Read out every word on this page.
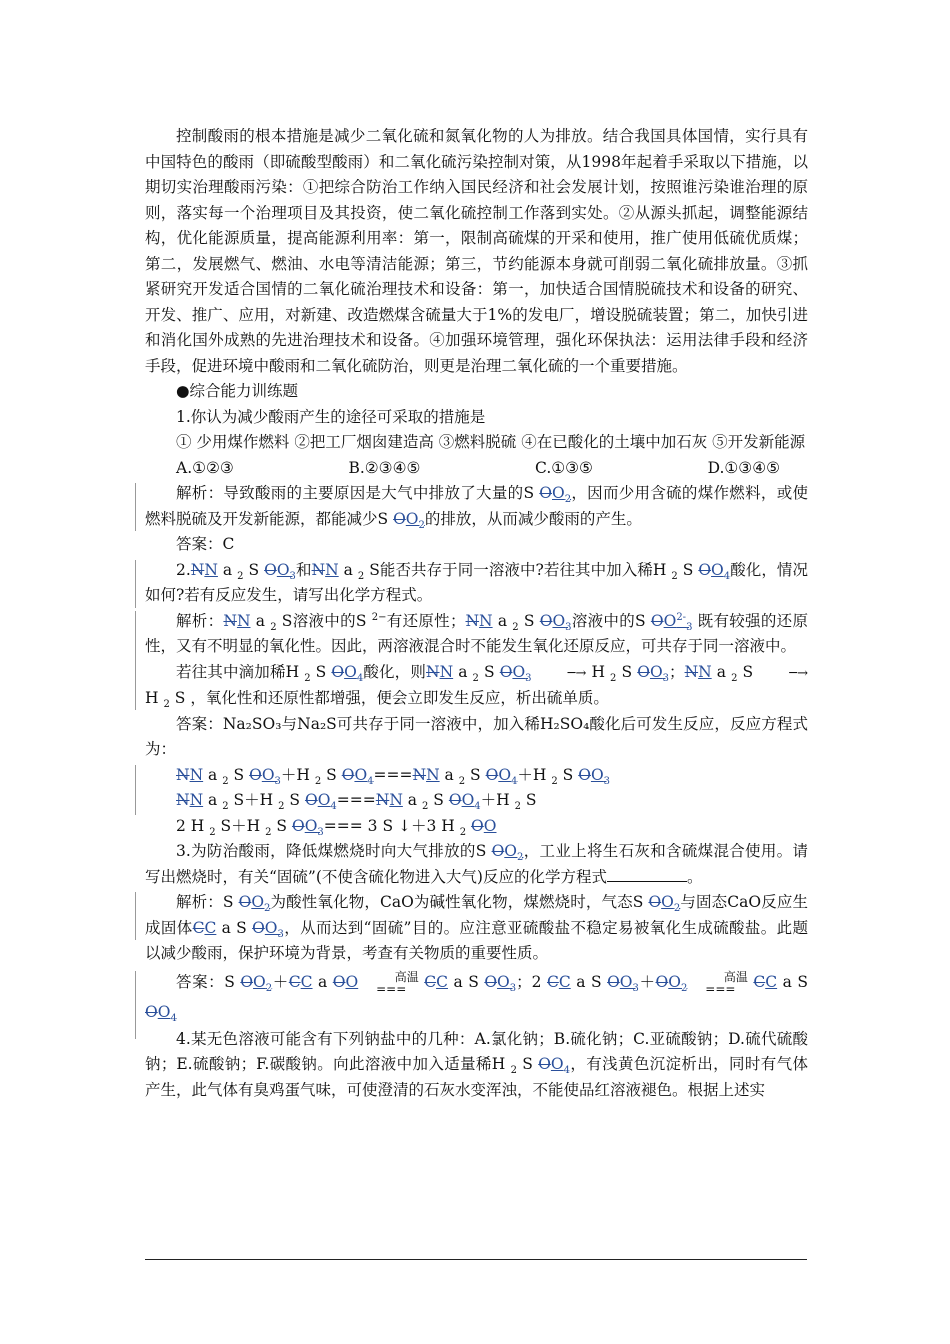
控制酸雨的根本措施是减少二氧化硫和氮氧化物的人为排放。结合我国具体国情，实行具有中国特色的酸雨（即硫酸型酸雨）和二氧化硫污染控制对策，从1998年起着手采取以下措施，以期切实治理酸雨污染：①把综合防治工作纳入国民经济和社会发展计划，按照谁污染谁治理的原则，落实每一个治理项目及其投资，使二氧化硫控制工作落到实处。②从源头抓起，调整能源结构，优化能源质量，提高能源利用率：第一，限制高硫煤的开采和使用，推广使用低硫优质煤；第二，发展燃气、燃油、水电等清洁能源；第三，节约能源本身就可削弱二氧化硫排放量。③抓紧研究开发适合国情的二氧化硫治理技术和设备：第一，加快适合国情脱硫技术和设备的研究、开发、推广、应用，对新建、改造燃煤含硫量大于1%的发电厂，增设脱硫装置；第二，加快引进和消化国外成熟的先进治理技术和设备。④加强环境管理，强化环保执法：运用法律手段和经济手段，促进环境中酸雨和二氧化硫防治，则更是治理二氧化硫的一个重要措施。

●综合能力训练题

1.你认为减少酸雨产生的途径可采取的措施是

① 少用煤作燃料 ②把工厂烟囱建造高 ③燃料脱硫 ④在已酸化的土壤中加石灰 ⑤开发新能源

A.①②③	B.②③④⑤	C.①③⑤	D.①③④⑤

解析：导致酸雨的主要原因是大气中排放了大量的S $OO_2$，因而少用含硫的煤作燃料，或使燃料脱硫及开发新能源，都能减少S $OO_2$的排放，从而减少酸雨的产生。

答案：C

2.NN a $_2$ S $OO_3$和NN a $_2$ S能否共存于同一溶液中?若往其中加入稀H $_2$ S $OO_4$酸化，情况如何?若有反应发生，请写出化学方程式。

解析：NN a $_2$ S溶液中的S $^{2-}$有还原性；NN a $_2$ S $OO_3$溶液中的S $OO^{2-}_3$ 既有较强的还原性，又有不明显的氧化性。因此，两溶液混合时不能发生氧化还原反应，可共存于同一溶液中。

若往其中滴加稀H $_2$ S $OO_4$酸化，则NN a $_2$ S $OO_3$	─→ H $_2$ S $OO_3$；NN a $_2$ S ─→ H $_2$ S ，氧化性和还原性都增强，便会立即发生反应，析出硫单质。

答案：Na₂SO₃与Na₂S可共存于同一溶液中，加入稀H₂SO₄酸化后可发生反应，反应方程式为：

NN a $_2$ S $OO_3+H$ $_2$ S $OO_4===NN$ a $_2$ S $OO_4+H$ $_2$ S $OO_3$
NN a $_2$ S＋H $_2$ S $OO_4===NN$ a $_2$ S $OO_4+H$ $_2$ S
2 H $_2$ S＋H $_2$ S $OO_3=== 3$ S ↓＋3 H $_2$ OO

3.为防治酸雨，降低煤燃烧时向大气排放的S $OO_2$，工业上将生石灰和含硫煤混合使用。请写出燃烧时，有关“固硫”(不使含硫化物进入大气)反应的化学方程式	。

解析：S $OO_2$为酸性氧化物，CaO为碱性氧化物，煤燃烧时，气态S $OO_2$与固态CaO反应生成固体CC a S $OO_3$，从而达到“固硫”目的。应注意亚硫酸盐不稳定易被氧化生成硫酸盐。此题以减少酸雨，保护环境为背景，考查有关物质的重要性质。

答案：S $OO_2+CC$ a OO	高温
=== CC a S $OO_3$；2 CC a S $OO_3+OO_2$ 高温
=== CC a S $OO_4$

4.某无色溶液可能含有下列钠盐中的几种：A.氯化钠；B.硫化钠；C.亚硫酸钠；D.硫代硫酸钠；E.硫酸钠；F.碳酸钠。向此溶液中加入适量稀H $_2$ S $OO_4$，有浅黄色沉淀析出，同时有气体产生，此气体有臭鸡蛋气味，可使澄清的石灰水变浑浊，不能使品红溶液褪色。根据上述实
